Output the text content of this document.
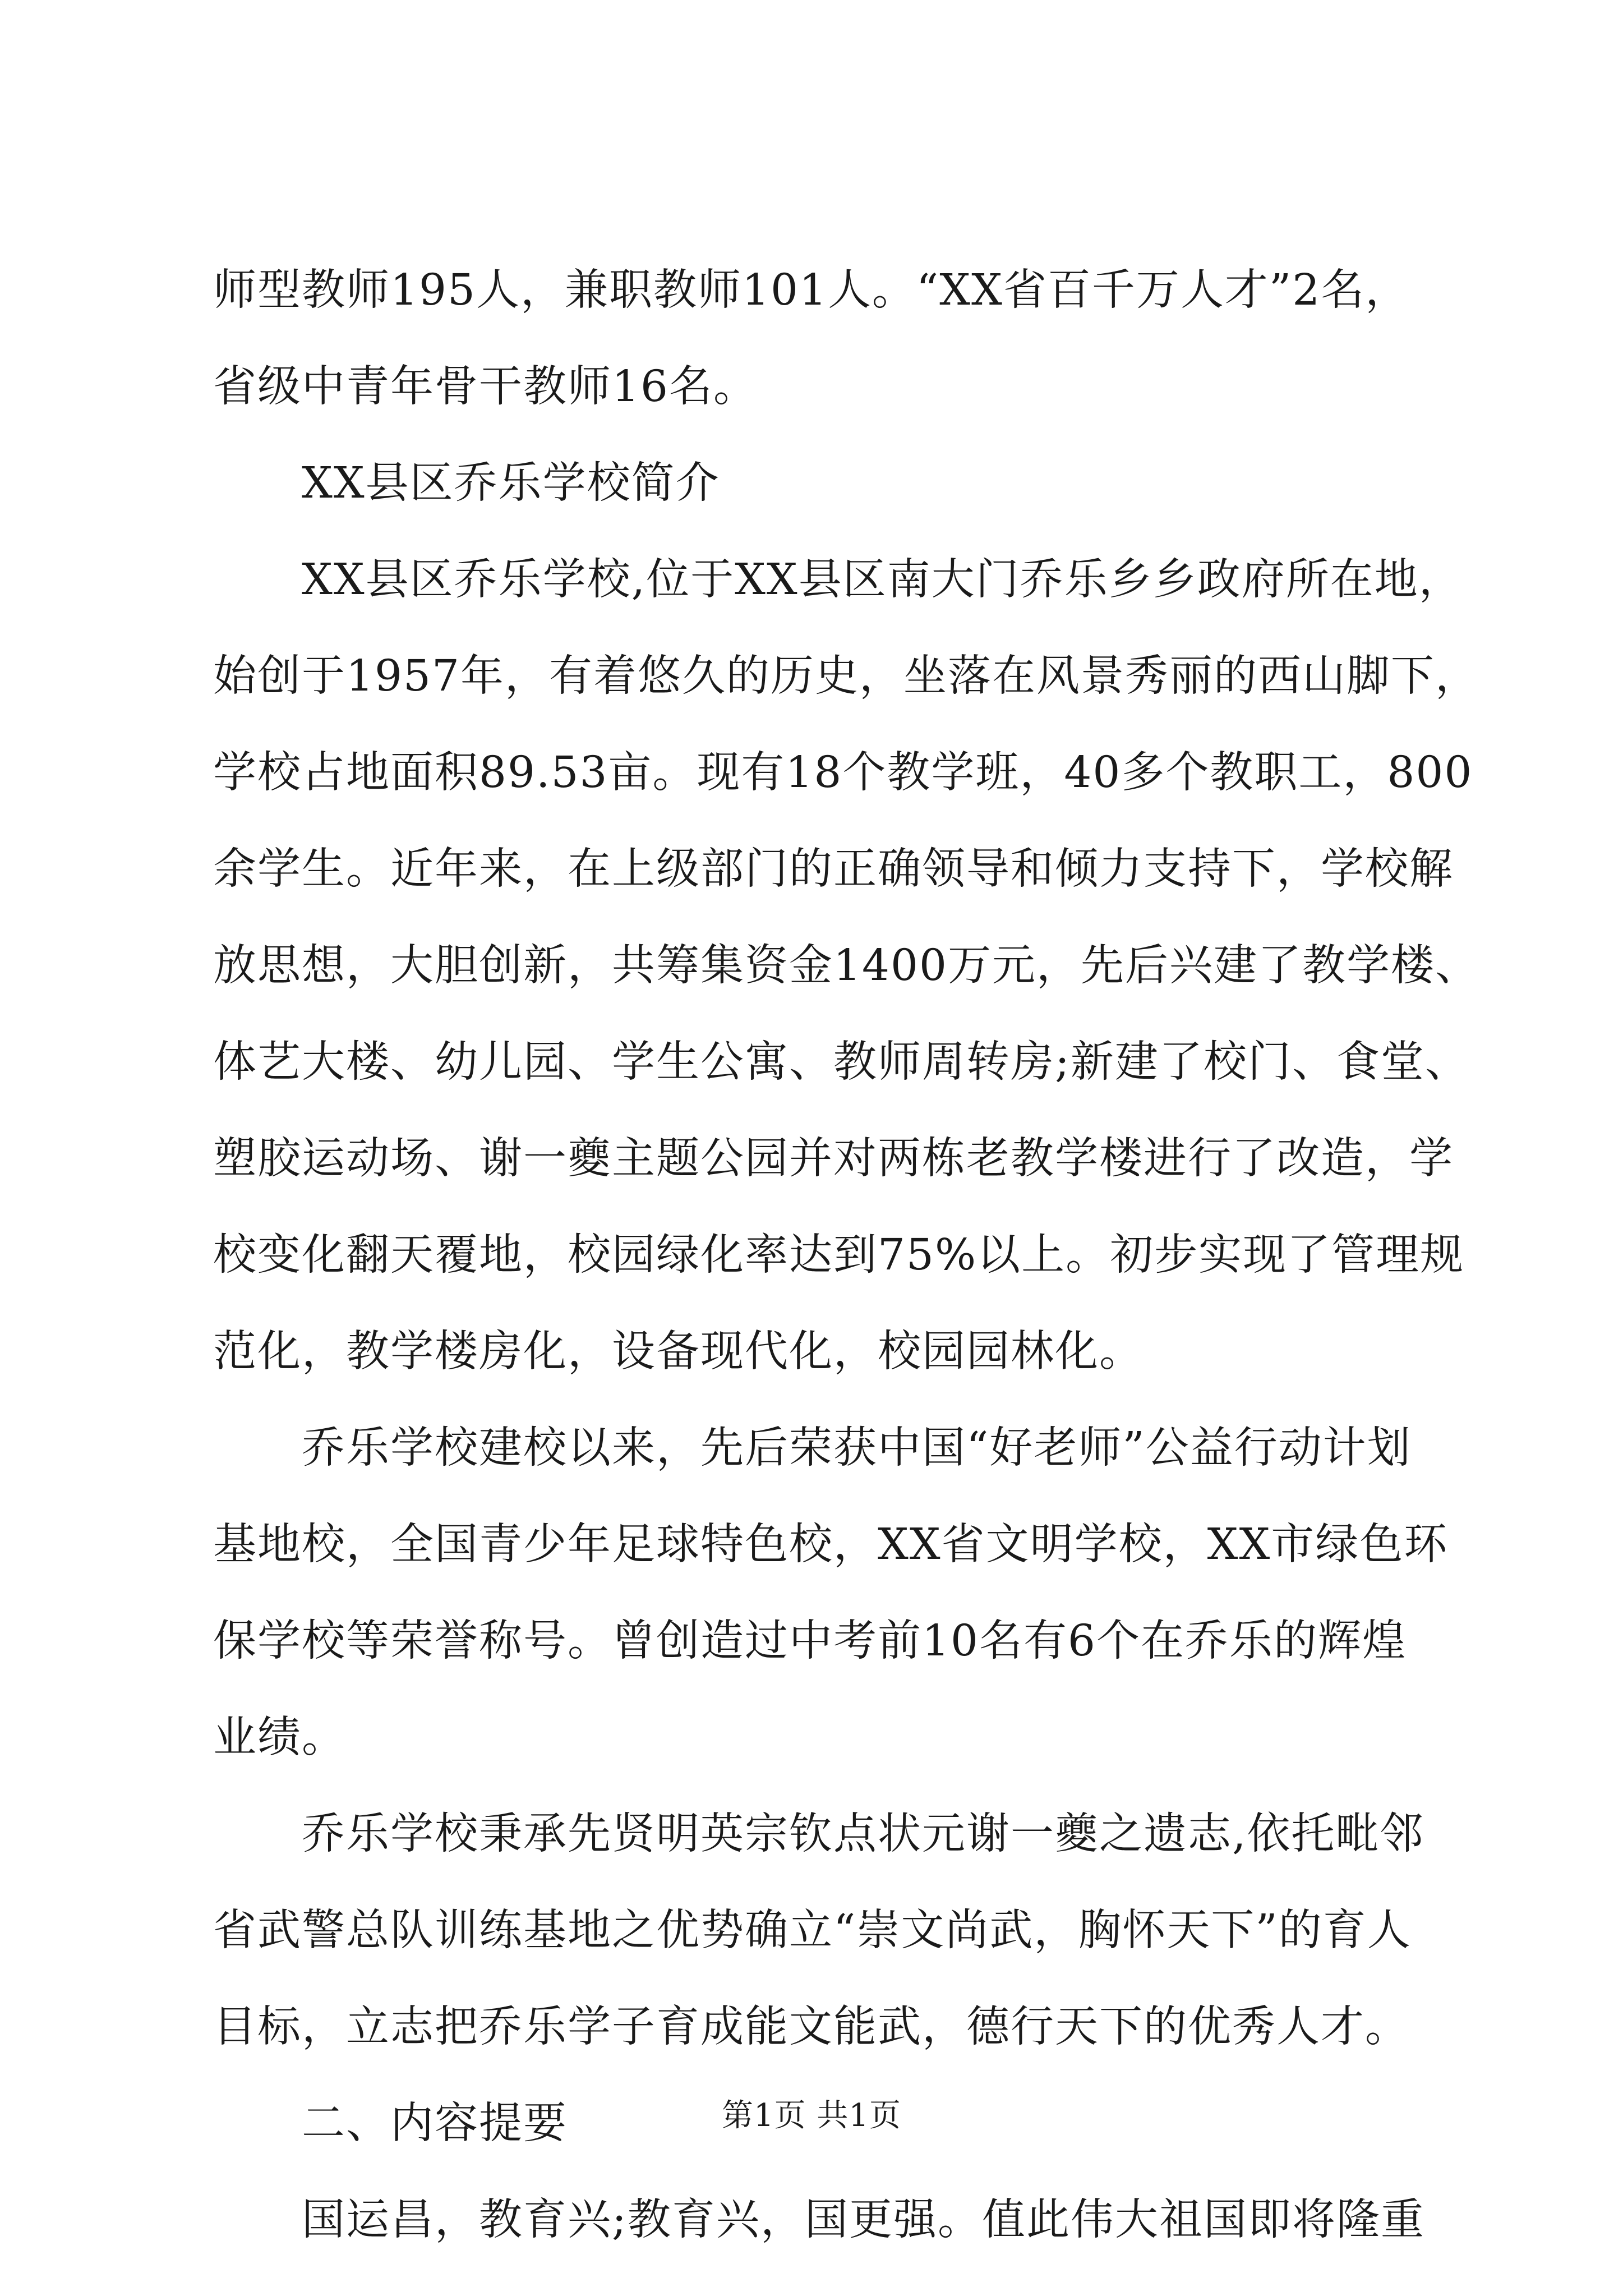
师型教师195人，兼职教师101人。“XX省百千万人才”2名，
省级中青年骨干教师16名。
XX县区乔乐学校简介
XX县区乔乐学校,位于XX县区南大门乔乐乡乡政府所在地，
始创于1957年，有着悠久的历史，坐落在风景秀丽的西山脚下，
学校占地面积89.53亩。现有18个教学班，40多个教职工，800
余学生。近年来，在上级部门的正确领导和倾力支持下，学校解
放思想，大胆创新，共筹集资金1400万元，先后兴建了教学楼、
体艺大楼、幼儿园、学生公寓、教师周转房;新建了校门、食堂、
塑胶运动场、谢一夔主题公园并对两栋老教学楼进行了改造，学
校变化翻天覆地，校园绿化率达到75%以上。初步实现了管理规
范化，教学楼房化，设备现代化，校园园林化。
乔乐学校建校以来，先后荣获中国“好老师”公益行动计划
基地校，全国青少年足球特色校，XX省文明学校，XX市绿色环
保学校等荣誉称号。曾创造过中考前10名有6个在乔乐的辉煌
业绩。
乔乐学校秉承先贤明英宗钦点状元谢一夔之遗志,依托毗邻
省武警总队训练基地之优势确立“崇文尚武，胸怀天下”的育人
目标，立志把乔乐学子育成能文能武，德行天下的优秀人才。
二、内容提要
国运昌，教育兴;教育兴，国更强。值此伟大祖国即将隆重
第1页 共1页
